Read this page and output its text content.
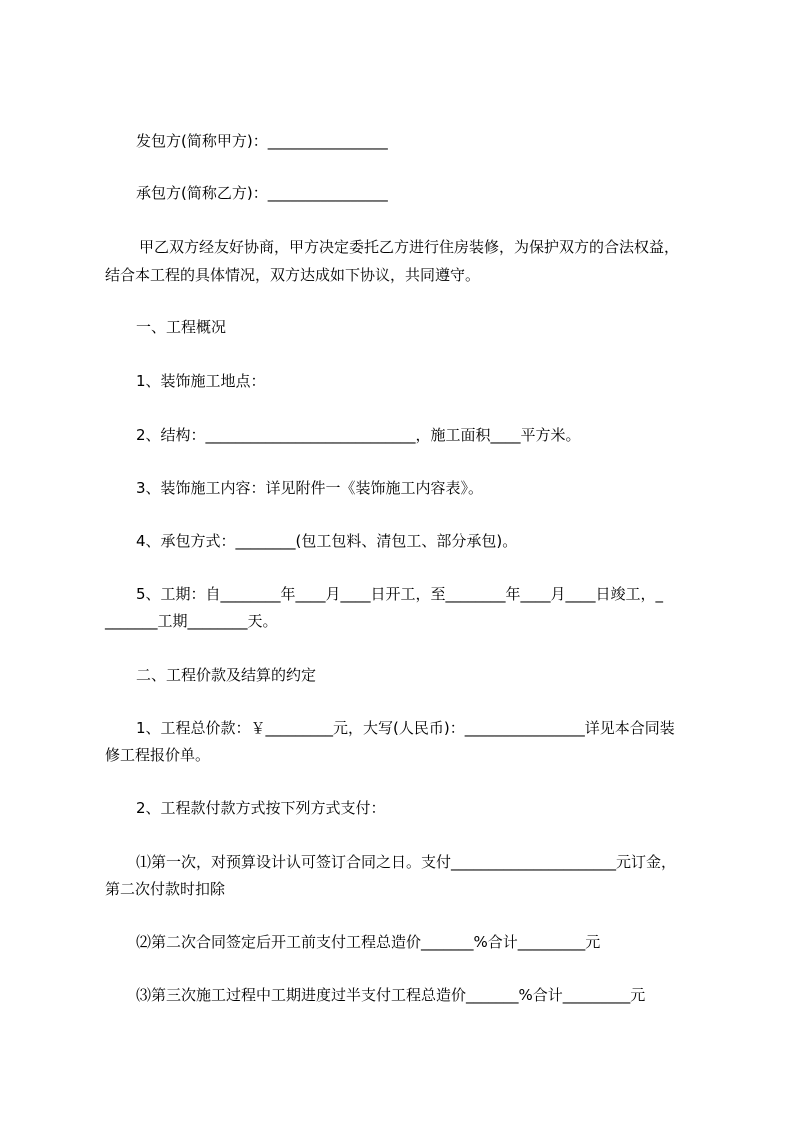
发包方(简称甲方)：________________
承包方(简称乙方)：________________
甲乙双方经友好协商，甲方决定委托乙方进行住房装修，为保护双方的合法权益，
结合本工程的具体情况，双方达成如下协议，共同遵守。
一、工程概况
1、装饰施工地点：
2、结构：____________________________，施工面积____平方米。
3、装饰施工内容：详见附件一《装饰施工内容表》。
4、承包方式：________(包工包料、清包工、部分承包)。
5、工期：自________年____月____日开工，至________年____月____日竣工，_
_______工期________天。
二、工程价款及结算的约定
1、工程总价款：￥_________元，大写(人民币)：________________详见本合同装
修工程报价单。
2、工程款付款方式按下列方式支付：
⑴第一次，对预算设计认可签订合同之日。支付______________________元订金，
第二次付款时扣除
⑵第二次合同签定后开工前支付工程总造价_______%合计_________元
⑶第三次施工过程中工期进度过半支付工程总造价_______%合计_________元
